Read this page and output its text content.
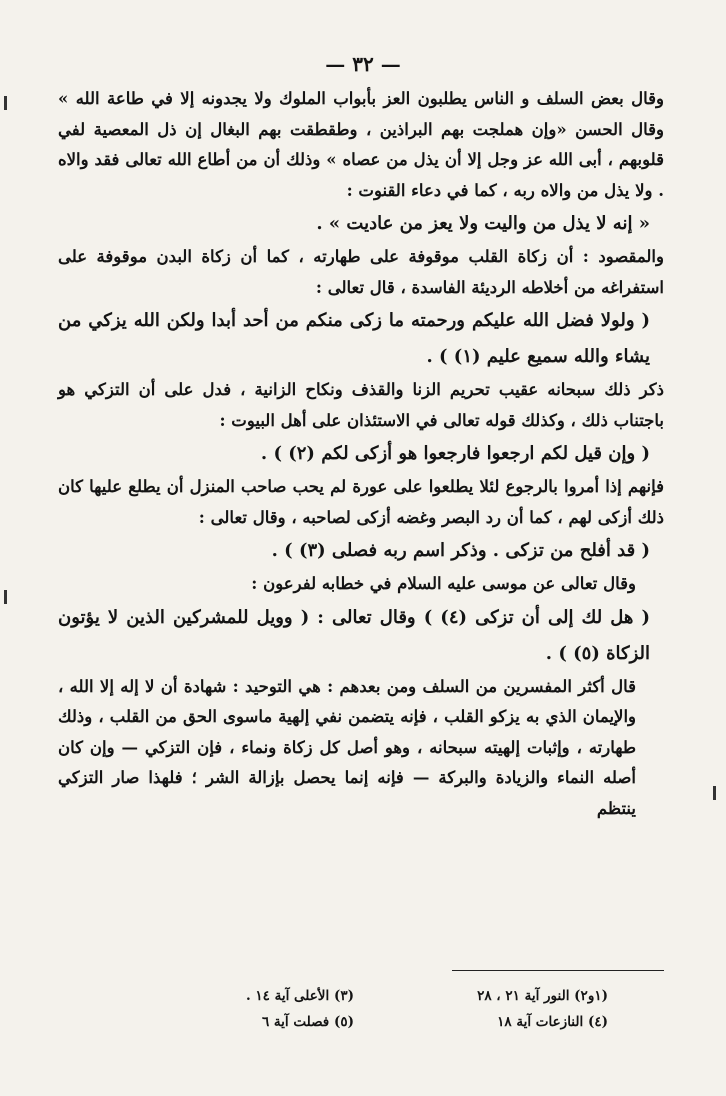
— ٣٢ —

وقال بعض السلف و الناس يطلبون العز بأبواب الملوك ولا يجدونه إلا في طاعة الله » وقال الحسن «وإن هملجت بهم البراذين ، وطقطقت بهم البغال إن ذل المعصية لفي قلوبهم ، أبى الله عز وجل إلا أن يذل من عصاه » وذلك أن من أطاع الله تعالى فقد والاه . ولا يذل من والاه ربه ، كما في دعاء القنوت :

« إنه لا يذل من واليت ولا يعز من عاديت » .

والمقصود : أن زكاة القلب موقوفة على طهارته ، كما أن زكاة البدن موقوفة على استفراغه من أخلاطه الرديئة الفاسدة ، قال تعالى :

( ولولا فضل الله عليكم ورحمته ما زكى منكم من أحد أبدا ولكن الله يزكي من يشاء والله سميع عليم (١) ) .

ذكر ذلك سبحانه عقيب تحريم الزنا والقذف ونكاح الزانية ، فدل على أن التزكي هو باجتناب ذلك ، وكذلك قوله تعالى في الاستئذان على أهل البيوت :

( وإن قيل لكم ارجعوا فارجعوا هو أزكى لكم (٢) ) .

فإنهم إذا أمروا بالرجوع لئلا يطلعوا على عورة لم يحب صاحب المنزل أن يطلع عليها كان ذلك أزكى لهم ، كما أن رد البصر وغضه أزكى لصاحبه ، وقال تعالى :

( قد أفلح من تزكى . وذكر اسم ربه فصلى (٣) ) .

وقال تعالى عن موسى عليه السلام في خطابه لفرعون :

( هل لك إلى أن تزكى (٤) ) وقال تعالى : ( وويل للمشركين الذين لا يؤتون الزكاة (٥) ) .

قال أكثر المفسرين من السلف ومن بعدهم : هي التوحيد : شهادة أن لا إله إلا الله ، والإيمان الذي به يزكو القلب ، فإنه يتضمن نفي إلهية ماسوى الحق من القلب ، وذلك طهارته ، وإثبات إلهيته سبحانه ، وهو أصل كل زكاة ونماء ، فإن التزكي — وإن كان أصله النماء والزيادة والبركة — فإنه إنما يحصل بإزالة الشر ؛ فلهذا صار التزكي ينتظم

(١و٢) النور آية ٢١ ، ٢٨
(٣) الأعلى آية ١٤ .
(٤) النازعات آية ١٨
(٥) فصلت آية ٦
